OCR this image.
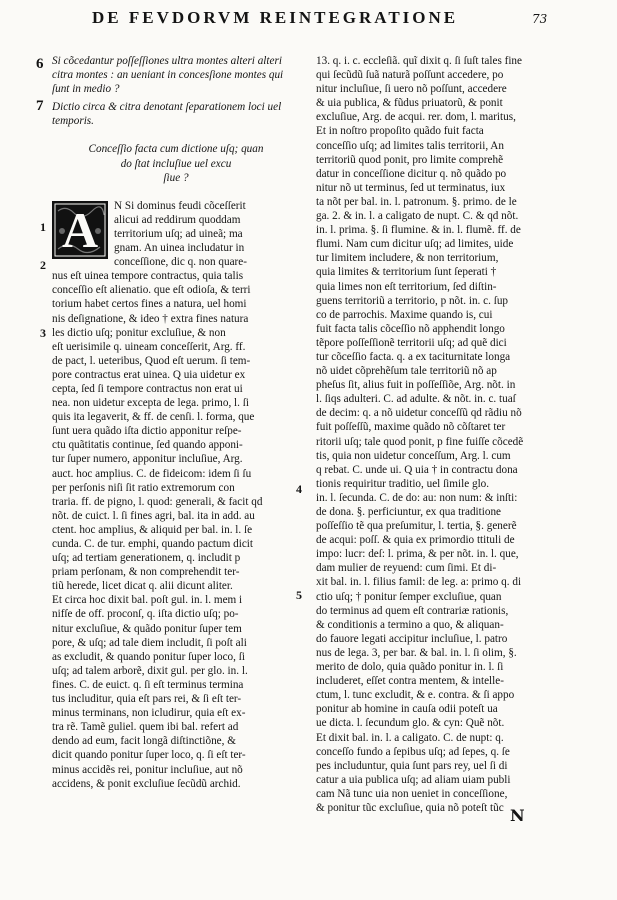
DE FEVDORVM REINTEGRATIONE	73
6
7
1
2
3
Si cõcedantur poſſeſſiones ultra montes alteri alteri
citra montes : an ueniant in concesſione montes qui
ſunt in medio ?
Dictio circa & citra denotant ſeparationem loci uel
temporis.
Conceſſio facta cum dictione uſq; quan
do ſtat incluſiue uel excu
ſiue ?
A	N Si dominus feudi cõceſſerit
alicui ad reddirum quoddam
territorium uſq; ad uineã; ma
gnam. An uinea includatur in
conceſſione, dic q. non quare-
nus eſt uinea tempore contractus, quia talis
conceſſio eſt alienatio. que eſt odioſa, & terri
torium habet certos fines a natura, uel homi
nis deſignatione, & ideo † extra fines natura
les dictio uſq; ponitur excluſiue, & non
eſt uerisimile q. uineam conceſſerit, Arg. ff.
de pact, l. ueteribus, Quod eſt uerum. ſi tem-
pore contractus erat uinea. Q uia uidetur ex
cepta, ſed ſi tempore contractus non erat ui
nea. non uidetur excepta de lega. primo, l. ſi
quis ita legaverit, & ff. de cenſi. l. forma, que
ſunt uera quãdo iſta dictio apponitur reſpe-
ctu quãtitatis continue, ſed quando apponi-
tur ſuper numero, apponitur incluſiue, Arg.
auct. hoc amplius. C. de fideicom: idem ſi ſu
per perſonis niſi ſit ratio extremorum con
traria. ff. de pigno, l. quod: generali, & facit qd
nõt. de cuict. l. ſi fines agri, bal. ita in add. au
ctent. hoc amplius, & aliquid per bal. in. l. ſe
cunda. C. de tur. emphi, quando pactum dicit
uſq; ad tertiam generationem, q. includit p
priam perſonam, & non comprehendit ter-
tiũ herede, licet dicat q. alii dicunt aliter.
Et circa hoc dixit bal. poſt gul. in. l. mem i
nifſe de off. proconſ, q. iſta dictio uſq; po-
nitur excluſiue, & quãdo ponitur ſuper tem
pore, & uſq; ad tale diem includit, ſi poſt ali
as excludit, & quando ponitur ſuper loco, ſi
uſq; ad talem arborẽ, dixit gul. per glo. in. l.
fines. C. de euict. q. ſi eſt terminus termina
tus includitur, quia eſt pars rei, & ſi eſt ter-
minus terminans, non icludirur, quia eſt ex-
tra rẽ. Tamẽ guliel. quem ibi bal. refert ad
dendo ad eum, facit longã diſtinctiõne, &
dicit quando ponitur ſuper loco, q. ſi eſt ter-
minus accidẽs rei, ponitur incluſiue, aut nõ
accidens, & ponit excluſiue ſecũdũ archid.
4
5
13. q. i. c. eccleſiã. quĩ dixit q. ſi ſuſt tales fine
qui ſecũdũ ſuã naturã poſſunt accedere, po
nitur incluſiue, ſi uero nõ poſſunt, accedere
& uia publica, & fũdus priuatorũ, & ponit
excluſiue, Arg. de acqui. rer. dom, l. maritus,
Et in noſtro propoſito quãdo fuit facta
conceſſio uſq; ad limites talis territorii, An
territoriũ quod ponit, pro limite comprehẽ
datur in conceſſione dicitur q. nõ quãdo po
nitur nõ ut terminus, ſed ut terminatus, iux
ta nõt per bal. in. l. patronum. §. primo. de le
ga. 2. & in. l. a caligato de nupt. C. & qd nõt.
in. l. prima. §. ſi flumine. & in. l. flumẽ. ff. de
flumi. Nam cum dicitur uſq; ad limites, uide
tur limitem includere, & non territorium,
quia limites & territorium ſunt ſeperati †
quia limes non eſt territorium, ſed diſtin-
guens territoriũ a territorio, p nõt. in. c. ſup
co de parrochis. Maxime quando is, cui
fuit facta talis cõceſſio nõ apphendit longo
tẽpore poſſeſſionẽ territorii uſq; ad quẽ dici
tur cõceſſio facta. q. a ex taciturnitate longa
nõ uidet cõprehẽſum tale territoriũ nõ ap
pheſus ſit, alius fuit in poſſeſſiõe, Arg. nõt. in
l. ſiqs adulteri. C. ad adulte. & nõt. in. c. tuaſ
de decim: q. a nõ uidetur conceſſũ qd rãdiu nõ
fuit poſſeſſũ, maxime quãdo nõ cõſtaret ter
ritorii uſq; tale quod ponit, p fine fuiſſe cõcedẽ
tis, quia non uidetur conceſſum, Arg. l. cum
q rebat. C. unde ui. Q uia † in contractu dona
tionis requiritur traditio, uel ſimile glo.
in. l. ſecunda. C. de do: au: non num: & inſti:
de dona. §. perficiuntur, ex qua traditione
poſſeſſio tẽ qua preſumitur, l. tertia, §. generẽ
de acqui: poſſ. & quia ex primordio ttituli de
impo: lucr: deſ: l. prima, & per nõt. in. l. que,
dam mulier de reyuend: cum ſimi. Et di-
xit bal. in. l. filius famil: de leg. a: primo q. di
ctio uſq; † ponitur ſemper excluſiue, quan
do terminus ad quem eſt contrariæ rationis,
& conditionis a termino a quo, & aliquan-
do fauore legati accipitur incluſiue, l. patro
nus de lega. 3, per bar. & bal. in. l. ſi olim, §.
merito de dolo, quia quãdo ponitur in. l. ſi
includeret, eſſet contra mentem, & intelle-
ctum, l. tunc excludit, & e. contra. & ſi appo
ponitur ab homine in cauſa odii poteſt ua
ue dicta. l. ſecundum glo. & cyn: Quẽ nõt.
Et dixit bal. in. l. a caligato. C. de nupt: q.
conceſſo fundo a ſepibus uſq; ad ſepes, q. ſe
pes includuntur, quia ſunt pars rey, uel ſi di
catur a uia publica uſq; ad aliam uiam publi
cam Nã tunc uia non ueniet in conceſſione,
& ponitur tũc excluſiue, quia nõ poteſt tũc N
